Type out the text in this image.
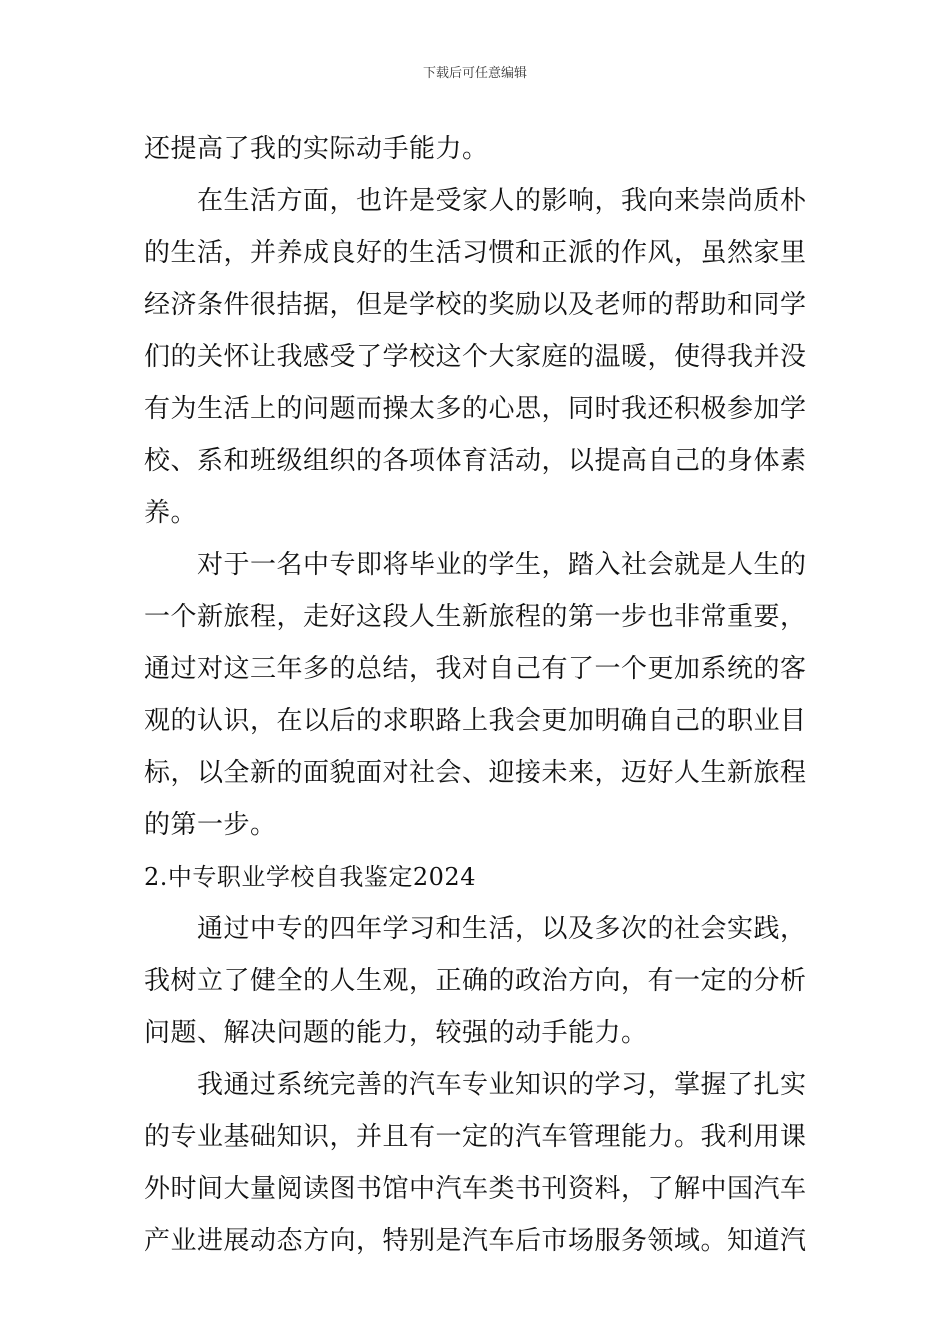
下载后可任意编辑
还提高了我的实际动手能力。
　　在生活方面，也许是受家人的影响，我向来崇尚质朴
的生活，并养成良好的生活习惯和正派的作风，虽然家里
经济条件很拮据，但是学校的奖励以及老师的帮助和同学
们的关怀让我感受了学校这个大家庭的温暖，使得我并没
有为生活上的问题而操太多的心思，同时我还积极参加学
校、系和班级组织的各项体育活动，以提高自己的身体素
养。
　　对于一名中专即将毕业的学生，踏入社会就是人生的
一个新旅程，走好这段人生新旅程的第一步也非常重要，
通过对这三年多的总结，我对自己有了一个更加系统的客
观的认识，在以后的求职路上我会更加明确自己的职业目
标，以全新的面貌面对社会、迎接未来，迈好人生新旅程
的第一步。
2.中专职业学校自我鉴定2024
　　通过中专的四年学习和生活，以及多次的社会实践，
我树立了健全的人生观，正确的政治方向，有一定的分析
问题、解决问题的能力，较强的动手能力。
　　我通过系统完善的汽车专业知识的学习，掌握了扎实
的专业基础知识，并且有一定的汽车管理能力。我利用课
外时间大量阅读图书馆中汽车类书刊资料，了解中国汽车
产业进展动态方向，特别是汽车后市场服务领域。知道汽
